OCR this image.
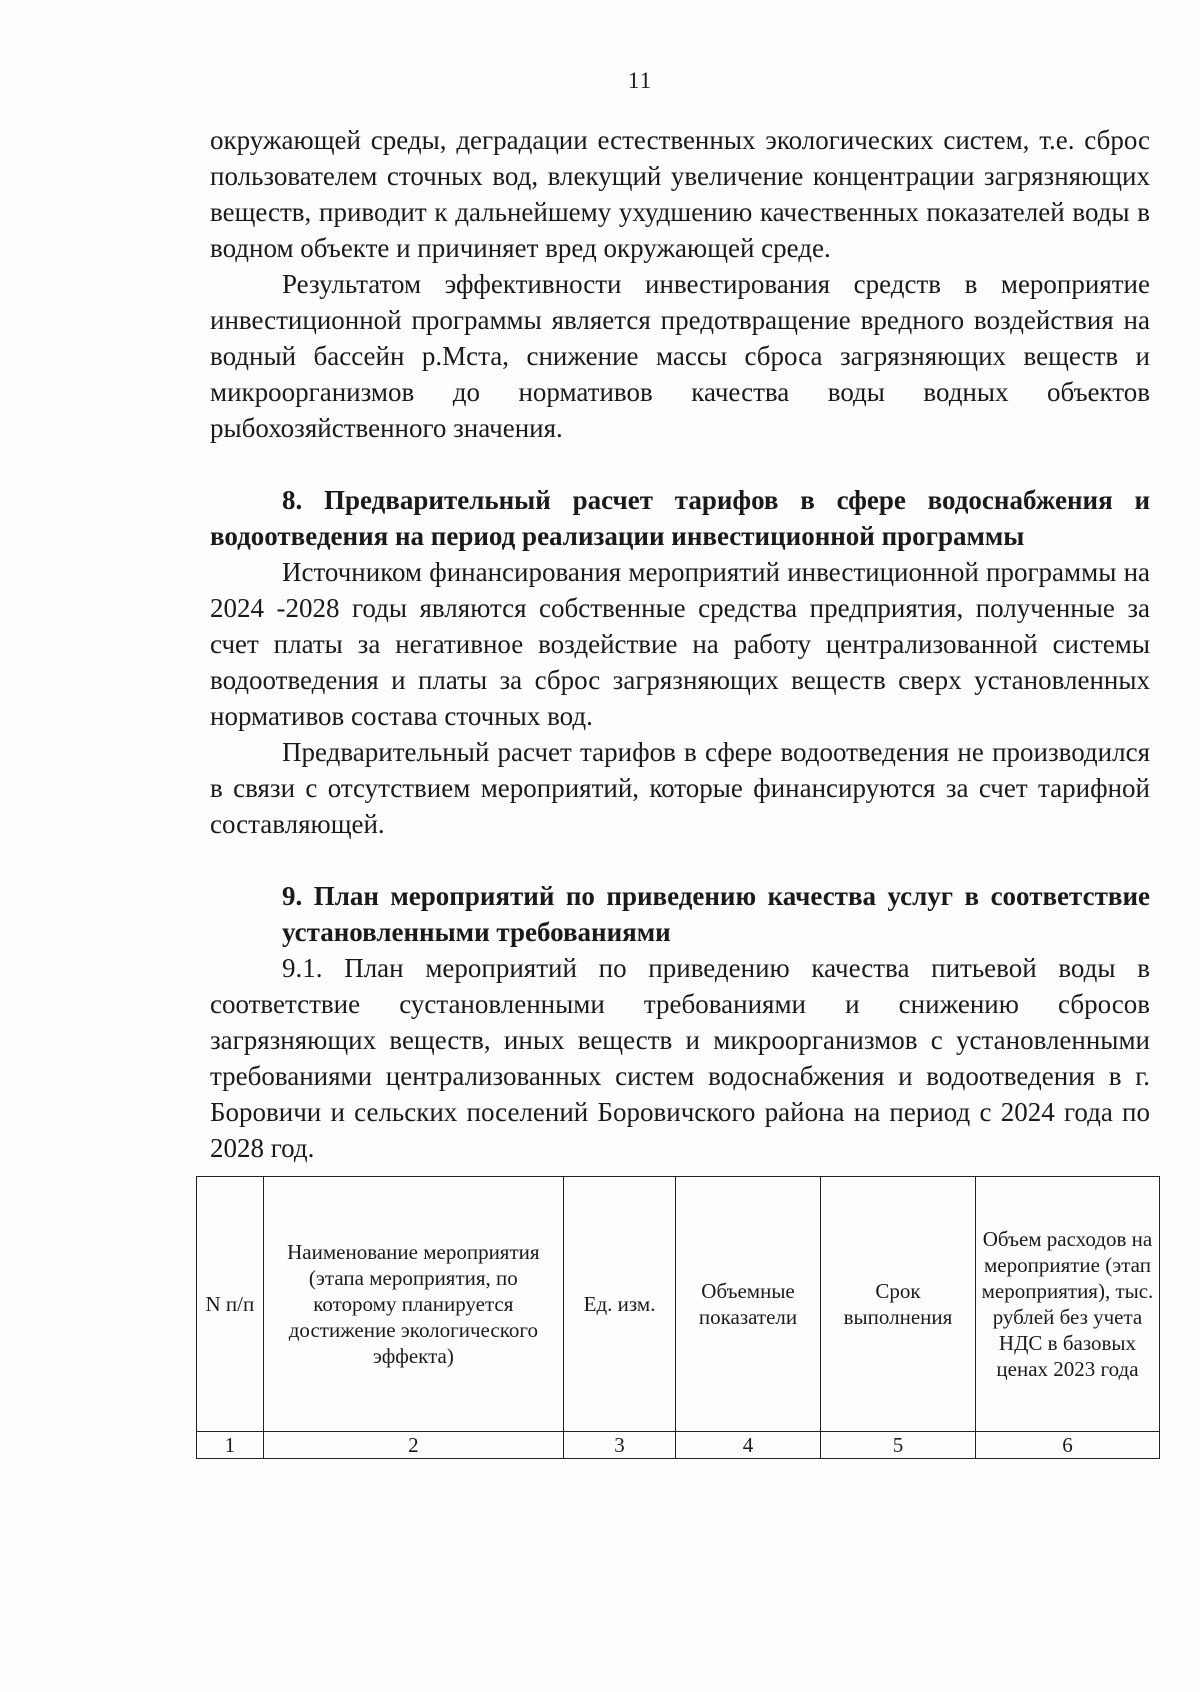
11

окружающей среды, деградации естественных экологических систем, т.е. сброс пользователем сточных вод, влекущий увеличение концентрации загрязняющих веществ, приводит к дальнейшему ухудшению качественных показателей воды в водном объекте и причиняет вред окружающей среде.

Результатом эффективности инвестирования средств в мероприятие инвестиционной программы является предотвращение вредного воздействия на водный бассейн р.Мста, снижение массы сброса загрязняющих веществ и микроорганизмов до нормативов качества воды водных объектов рыбохозяйственного значения.

8. Предварительный расчет тарифов в сфере водоснабжения и водоотведения на период реализации инвестиционной программы

Источником финансирования мероприятий инвестиционной программы на 2024 -2028 годы являются собственные средства предприятия, полученные за счет платы за негативное воздействие на работу централизованной системы водоотведения и платы за сброс загрязняющих веществ сверх установленных нормативов состава сточных вод.

Предварительный расчет тарифов в сфере водоотведения не производился в связи с отсутствием мероприятий, которые финансируются за счет тарифной составляющей.

9. План мероприятий по приведению качества услуг в соответствие установленными требованиями

9.1. План мероприятий по приведению качества питьевой воды в соответствие сустановленными требованиями и снижению сбросов загрязняющих веществ, иных веществ и микроорганизмов с установленными требованиями централизованных систем водоснабжения и водоотведения в г. Боровичи и сельских поселений Боровичского района на период с 2024 года по 2028 год.

N п/п	Наименование мероприятия (этапа мероприятия, по которому планируется достижение экологического эффекта)	Ед. изм.	Объемные показатели	Срок выполнения	Объем расходов на мероприятие (этап мероприятия), тыс. рублей без учета НДС в базовых ценах 2023 года
1	2	3	4	5	6
